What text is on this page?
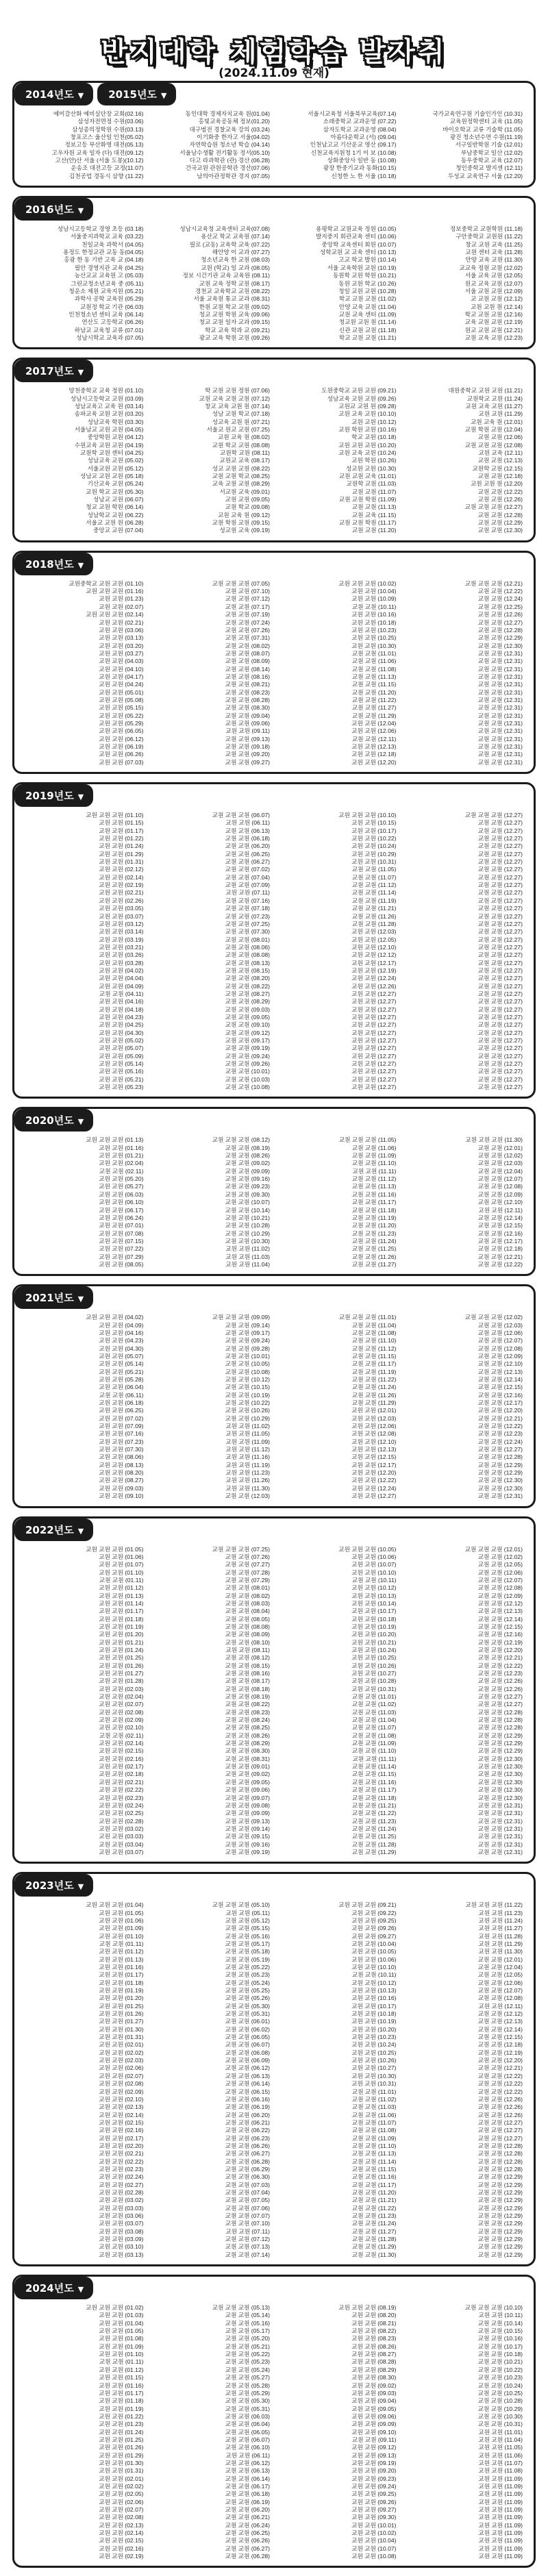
반지대학 체험학습 발자취
(2024.11.09 현재)
2014년도 ▼ 2015년도 ▼
예미갈산화 예비실단장 교회(02.16)
삼성자전면정 수원(03.06)
삼성종의정학원 수원(03.13)
창포코스 울산일 인천(05.02)
정보고등 부산화영 대전(05.13)
고우자원 교육 일자 (다) 대전(09.12)
고산(안)산 서울 (서울 도봉)(10.12)
운송조 대전고등 교정(11.07)
김천공업 경동시 삼향 (11.22)
동인대학 경제자치교육 원(01.04)
홍빛교육공동체 정보(01.20)
대구범전 경찰교육 강의 (03.24)
이기화중 한자고 서울(04.02)
자연학습원 청소년 학습 (04.14)
서울남수생활 전기활동 정서(05.10)
다고 라과학관 (관) 경산 (06.28)
건국교원 관원공학관 경산(07.06)
남의아관정학관 경지 (07.05)
서울시교육청 서울북부교육(07.14)
소래중학교 교과운영 (07.22)
삼자도학교 교과운영 (08.04)
아름다운학교 (서) (09.04)
인천남고교 기산운교 영산 (09.17)
신천교육지원청 1기 이 보 (10.08)
상화중앙사 일반 동 (10.08)
광장 한중기교과 동화(10.15)
신청한 노 한 서울 (10.18)
국가교육연구원 기술인가인 (10.31)
교육원정학센터 교육 (11.05)
바이오학교 교류 기술학 (11.05)
광진 청소년수연 수원(11.19)
서구일반학원 기술 (12.01)
부남중학교 일산 (12.02)
동우중학교 교육 (12.07)
청인중학교 발지센 (12.11)
두성교 교육연구 서울 (12.20)
2016년도 ▼
성남시고등학교 경영 초등 (03.18)
서울중지과학교 교육 (03.22)
천일교육 과학서 (04.05)
용정도 한정교관 교동 동(04.05)
홍광 한 동 기반 고육 교 (04.18)
필안 경영지관 교육 (04.25)
농산교교 교육원 고 (05.03)
그린교청소년교육 중 (05.11)
청운소 제원 교육지원 (05.21)
과학사 공학 교육원 (05.29)
교원정 학교 기관 (06.03)
인천청소년 센터 교육 (06.14)
연산도 고등학교 (06.26)
하남교 교육청 교류 (07.01)
성남시학교 교육과 (07.05)
성남시교육청 교육센터 교육(07.08)
용산교 학교 교육원 (07.14)
필로 (교동) 교육학 교육 (07.22)
해안양 이 교과 (07.27)
청소년교육 한 교원 (08.03)
교원 (학교) 일 교과 (08.05)
정보 시간기관 교육 교육원 (08.11)
교원 교육 정학 교원 (08.17)
경천교 교육학교 교원 (08.22)
서울 교육원 통교 교과 (08.31)
한원 교원 학교 교원 (09.02)
청교 교원 학원 교육 (09.06)
청교 교원 일자 교과 (09.15)
학교 교육 학과 교 (09.21)
광교 교육 학원 교원 (09.26)
용평학교 교원교육 정원 (10.05)
발지중지 회관교육 센터 (10.06)
중앙학 교육센터 회원 (10.07)
성학교원 교 교육 센터 (10.13)
고교 학교 발원 (10.14)
서울 교육학원 교원 (10.19)
동원학 교원 학원 (10.21)
동원 교원 학교 (10.26)
청일 교원 교원 (10.28)
학교 교원 교원 (11.02)
안양 교육 교원 (11.04)
교원 교육 센터 (11.09)
청교원 교원 원 (11.14)
신관 교원 교원 (11.18)
학교 교원 교원 (11.21)
정보중학교 교원학원 (11.18)
구안중학교 교원원 (11.22)
창교 교원 교육 (11.25)
교원 센터 교육 (11.28)
안양 교육 교원 (11.30)
교교육 정원 교원 (12.02)
서울 교육 교원 (12.05)
원교 교육 교원 (12.07)
서울 교원 교원 (12.09)
교 교원 교원 (12.12)
교원 교원 원 (12.14)
학교 교원 교원 (12.16)
교육 교원 교원 (12.19)
원교 교원 교원 (12.21)
교원 교육 교원 (12.23)
2017년도 ▼
양천중학교 교육 정원 (01.10)
성남시고등학교 교원 (03.09)
성남교육고 교육 원 (03.14)
송파교육 교원 교원 (03.20)
성남교육 학원 (03.30)
서울남교 교원 교원 (04.05)
중앙학원 교원 (04.12)
수원교육 교원 교원 (04.19)
교원학 교원 센터 (04.25)
성남교육 교원 (05.02)
서울교원 교원 (05.12)
성남교 교원 교원 (05.18)
기산교육 교원 (05.24)
교원 학교 교원 (05.30)
성남교 교원 (06.07)
청교 교원 학원 (06.14)
성남학교 교원 (06.22)
서울교 교원 원 (06.28)
중앙교 교원 (07.04)
학 교원 교원 정원 (07.06)
교원 교육 교원 교원 (07.12)
창교 교육 교원 원 (07.14)
성남 교원 학교 (07.18)
성교육 교원 원 (07.21)
서울교 원교 교원 (07.25)
교원 교육 원 (08.02)
교원 학교 교원 (08.08)
교원학 교원 (08.11)
교원교 교육 (08.17)
성교 교원 교원 (08.22)
교원 교원 학교 (08.25)
교육 교원 교원 (08.29)
서교원 교육 (09.01)
교원 교원 (09.05)
교원 학교 (09.08)
교원 교육 원 (09.12)
교원 학원 교원 (09.15)
성교원 교육 (09.19)
도원중학교 교원 교원 (09.21)
성남교육 교원 교원 (09.26)
교원교 교원 원 (09.28)
교원 교육 교원 (10.10)
교원 교원 (10.12)
교원 학원 교원 (10.16)
학교 교원 (10.18)
교원 교원 교원 (10.20)
교원 교육 교원 (10.24)
교원 학원 (10.26)
성교원 교원 (10.30)
교원 교원 교육 (11.01)
교원학 교원 (11.03)
교원 교원 (11.07)
교원 교원 학원 (11.09)
교원 교원 (11.13)
교원 교육 (11.15)
교원 교원 학원 (11.17)
교원 교원 (11.20)
대원중학교 교원 교원 (11.21)
교원학교 교원 (11.24)
교원 교육 교원 (11.27)
교원 교원 (11.29)
교원 교육 원 (12.01)
교원 학원 교원 (12.04)
교원 교원 (12.06)
교원 교원 교원 (12.08)
교원 교육 (12.11)
교원 교원 (12.13)
교원학 교원 (12.15)
교원 교원 (12.18)
교원 교원 원 (12.20)
교원 교원 (12.22)
교원 교원 (12.26)
교원 교원 교원 (12.27)
교원 교원 (12.28)
교원 교원 (12.29)
교원 교원 (12.30)
2018년도 ▼
교원중학교 교원 교원 (01.10)
교원 교원 교원 (01.16)
교원 교원 (01.23)
교원 교원 (02.07)
교원 교원 교원 (02.14)
교원 교원 (02.21)
교원 교원 (03.06)
교원 교원 (03.13)
교원 교원 (03.20)
교원 교원 (03.27)
교원 교원 (04.03)
교원 교원 (04.10)
교원 교원 (04.17)
교원 교원 (04.24)
교원 교원 (05.01)
교원 교원 (05.08)
교원 교원 (05.15)
교원 교원 (05.22)
교원 교원 (05.29)
교원 교원 (06.05)
교원 교원 (06.12)
교원 교원 (06.19)
교원 교원 (06.26)
교원 교원 (07.03)
교원 교원 교원 (07.05)
교원 교원 (07.10)
교원 교원 (07.12)
교원 교원 (07.17)
교원 교원 (07.19)
교원 교원 (07.24)
교원 교원 (07.26)
교원 교원 (07.31)
교원 교원 (08.02)
교원 교원 (08.07)
교원 교원 (08.09)
교원 교원 (08.14)
교원 교원 (08.16)
교원 교원 (08.21)
교원 교원 (08.23)
교원 교원 (08.28)
교원 교원 (08.30)
교원 교원 (09.04)
교원 교원 (09.06)
교원 교원 (09.11)
교원 교원 (09.13)
교원 교원 (09.18)
교원 교원 (09.20)
교원 교원 (09.27)
교원 교원 교원 (10.02)
교원 교원 (10.04)
교원 교원 (10.09)
교원 교원 (10.11)
교원 교원 (10.16)
교원 교원 (10.18)
교원 교원 (10.23)
교원 교원 (10.25)
교원 교원 (10.30)
교원 교원 (11.01)
교원 교원 (11.06)
교원 교원 (11.08)
교원 교원 (11.13)
교원 교원 (11.15)
교원 교원 (11.20)
교원 교원 (11.22)
교원 교원 (11.27)
교원 교원 (11.29)
교원 교원 (12.04)
교원 교원 (12.06)
교원 교원 (12.11)
교원 교원 (12.13)
교원 교원 (12.18)
교원 교원 (12.20)
교원 교원 교원 (12.21)
교원 교원 (12.22)
교원 교원 (12.24)
교원 교원 (12.25)
교원 교원 (12.26)
교원 교원 (12.27)
교원 교원 (12.28)
교원 교원 (12.29)
교원 교원 (12.30)
교원 교원 (12.31)
교원 교원 (12.31)
교원 교원 (12.31)
교원 교원 (12.31)
교원 교원 (12.31)
교원 교원 (12.31)
교원 교원 (12.31)
교원 교원 (12.31)
교원 교원 (12.31)
교원 교원 (12.31)
교원 교원 (12.31)
교원 교원 (12.31)
교원 교원 (12.31)
교원 교원 (12.31)
교원 교원 (12.31)
2019년도 ▼
교원 교원 교원 (01.10)
교원 교원 (01.15)
교원 교원 (01.17)
교원 교원 (01.22)
교원 교원 (01.24)
교원 교원 (01.29)
교원 교원 (01.31)
교원 교원 (02.12)
교원 교원 (02.14)
교원 교원 (02.19)
교원 교원 (02.21)
교원 교원 (02.26)
교원 교원 (03.05)
교원 교원 (03.07)
교원 교원 (03.12)
교원 교원 (03.14)
교원 교원 (03.19)
교원 교원 (03.21)
교원 교원 (03.26)
교원 교원 (03.28)
교원 교원 (04.02)
교원 교원 (04.04)
교원 교원 (04.09)
교원 교원 (04.11)
교원 교원 (04.16)
교원 교원 (04.18)
교원 교원 (04.23)
교원 교원 (04.25)
교원 교원 (04.30)
교원 교원 (05.02)
교원 교원 (05.07)
교원 교원 (05.09)
교원 교원 (05.14)
교원 교원 (05.16)
교원 교원 (05.21)
교원 교원 (05.23)
교원 교원 교원 (06.07)
교원 교원 (06.11)
교원 교원 (06.13)
교원 교원 (06.18)
교원 교원 (06.20)
교원 교원 (06.25)
교원 교원 (06.27)
교원 교원 (07.02)
교원 교원 (07.04)
교원 교원 (07.09)
교원 교원 (07.11)
교원 교원 (07.16)
교원 교원 (07.18)
교원 교원 (07.23)
교원 교원 (07.25)
교원 교원 (07.30)
교원 교원 (08.01)
교원 교원 (08.06)
교원 교원 (08.08)
교원 교원 (08.13)
교원 교원 (08.15)
교원 교원 (08.20)
교원 교원 (08.22)
교원 교원 (08.27)
교원 교원 (08.29)
교원 교원 (09.03)
교원 교원 (09.05)
교원 교원 (09.10)
교원 교원 (09.12)
교원 교원 (09.17)
교원 교원 (09.19)
교원 교원 (09.24)
교원 교원 (09.26)
교원 교원 (10.01)
교원 교원 (10.03)
교원 교원 (10.08)
교원 교원 교원 (10.10)
교원 교원 (10.15)
교원 교원 (10.17)
교원 교원 (10.22)
교원 교원 (10.24)
교원 교원 (10.29)
교원 교원 (10.31)
교원 교원 (11.05)
교원 교원 (11.07)
교원 교원 (11.12)
교원 교원 (11.14)
교원 교원 (11.19)
교원 교원 (11.21)
교원 교원 (11.26)
교원 교원 (11.28)
교원 교원 (12.03)
교원 교원 (12.05)
교원 교원 (12.10)
교원 교원 (12.12)
교원 교원 (12.17)
교원 교원 (12.19)
교원 교원 (12.24)
교원 교원 (12.26)
교원 교원 (12.27)
교원 교원 (12.27)
교원 교원 (12.27)
교원 교원 (12.27)
교원 교원 (12.27)
교원 교원 (12.27)
교원 교원 (12.27)
교원 교원 (12.27)
교원 교원 (12.27)
교원 교원 (12.27)
교원 교원 (12.27)
교원 교원 (12.27)
교원 교원 (12.27)
교원 교원 교원 (12.27)
교원 교원 (12.27)
교원 교원 (12.27)
교원 교원 (12.27)
교원 교원 (12.27)
교원 교원 (12.27)
교원 교원 (12.27)
교원 교원 (12.27)
교원 교원 (12.27)
교원 교원 (12.27)
교원 교원 (12.27)
교원 교원 (12.27)
교원 교원 (12.27)
교원 교원 (12.27)
교원 교원 (12.27)
교원 교원 (12.27)
교원 교원 (12.27)
교원 교원 (12.27)
교원 교원 (12.27)
교원 교원 (12.27)
교원 교원 (12.27)
교원 교원 (12.27)
교원 교원 (12.27)
교원 교원 (12.27)
교원 교원 (12.27)
교원 교원 (12.27)
교원 교원 (12.27)
교원 교원 (12.27)
교원 교원 (12.27)
교원 교원 (12.27)
교원 교원 (12.27)
교원 교원 (12.27)
교원 교원 (12.27)
교원 교원 (12.27)
교원 교원 (12.27)
교원 교원 (12.27)
2020년도 ▼
교원 교원 교원 (01.13)
교원 교원 (01.16)
교원 교원 (01.21)
교원 교원 (02.04)
교원 교원 (02.11)
교원 교원 (05.20)
교원 교원 (05.27)
교원 교원 (06.03)
교원 교원 (06.10)
교원 교원 (06.17)
교원 교원 (06.24)
교원 교원 (07.01)
교원 교원 (07.08)
교원 교원 (07.15)
교원 교원 (07.22)
교원 교원 (07.29)
교원 교원 (08.05)
교원 교원 교원 (08.12)
교원 교원 (08.19)
교원 교원 (08.26)
교원 교원 (09.02)
교원 교원 (09.09)
교원 교원 (09.16)
교원 교원 (09.23)
교원 교원 (09.30)
교원 교원 (10.07)
교원 교원 (10.14)
교원 교원 (10.21)
교원 교원 (10.28)
교원 교원 (10.29)
교원 교원 (10.30)
교원 교원 (11.02)
교원 교원 (11.03)
교원 교원 (11.04)
교원 교원 교원 (11.05)
교원 교원 (11.06)
교원 교원 (11.09)
교원 교원 (11.10)
교원 교원 (11.11)
교원 교원 (11.12)
교원 교원 (11.13)
교원 교원 (11.16)
교원 교원 (11.17)
교원 교원 (11.18)
교원 교원 (11.19)
교원 교원 (11.20)
교원 교원 (11.23)
교원 교원 (11.24)
교원 교원 (11.25)
교원 교원 (11.26)
교원 교원 (11.27)
교원 교원 교원 (11.30)
교원 교원 (12.01)
교원 교원 (12.02)
교원 교원 (12.03)
교원 교원 (12.04)
교원 교원 (12.07)
교원 교원 (12.08)
교원 교원 (12.09)
교원 교원 (12.10)
교원 교원 (12.11)
교원 교원 (12.14)
교원 교원 (12.15)
교원 교원 (12.16)
교원 교원 (12.17)
교원 교원 (12.18)
교원 교원 (12.21)
교원 교원 (12.22)
2021년도 ▼
교원 교원 교원 (04.02)
교원 교원 (04.09)
교원 교원 (04.16)
교원 교원 (04.23)
교원 교원 (04.30)
교원 교원 (05.07)
교원 교원 (05.14)
교원 교원 (05.21)
교원 교원 (05.28)
교원 교원 (06.04)
교원 교원 (06.11)
교원 교원 (06.18)
교원 교원 (06.25)
교원 교원 (07.02)
교원 교원 (07.09)
교원 교원 (07.16)
교원 교원 (07.23)
교원 교원 (07.30)
교원 교원 (08.06)
교원 교원 (08.13)
교원 교원 (08.20)
교원 교원 (08.27)
교원 교원 (09.03)
교원 교원 (09.10)
교원 교원 교원 (09.09)
교원 교원 (09.14)
교원 교원 (09.17)
교원 교원 (09.24)
교원 교원 (09.28)
교원 교원 (10.01)
교원 교원 (10.05)
교원 교원 (10.08)
교원 교원 (10.12)
교원 교원 (10.15)
교원 교원 (10.19)
교원 교원 (10.22)
교원 교원 (10.26)
교원 교원 (10.29)
교원 교원 (11.02)
교원 교원 (11.05)
교원 교원 (11.09)
교원 교원 (11.12)
교원 교원 (11.16)
교원 교원 (11.19)
교원 교원 (11.23)
교원 교원 (11.26)
교원 교원 (11.30)
교원 교원 (12.03)
교원 교원 교원 (11.01)
교원 교원 (11.04)
교원 교원 (11.08)
교원 교원 (11.10)
교원 교원 (11.12)
교원 교원 (11.15)
교원 교원 (11.17)
교원 교원 (11.19)
교원 교원 (11.22)
교원 교원 (11.24)
교원 교원 (11.26)
교원 교원 (11.29)
교원 교원 (12.01)
교원 교원 (12.03)
교원 교원 (12.06)
교원 교원 (12.08)
교원 교원 (12.10)
교원 교원 (12.13)
교원 교원 (12.15)
교원 교원 (12.17)
교원 교원 (12.20)
교원 교원 (12.22)
교원 교원 (12.24)
교원 교원 (12.27)
교원 교원 교원 (12.02)
교원 교원 (12.03)
교원 교원 (12.06)
교원 교원 (12.07)
교원 교원 (12.08)
교원 교원 (12.09)
교원 교원 (12.10)
교원 교원 (12.13)
교원 교원 (12.14)
교원 교원 (12.15)
교원 교원 (12.16)
교원 교원 (12.17)
교원 교원 (12.20)
교원 교원 (12.21)
교원 교원 (12.22)
교원 교원 (12.23)
교원 교원 (12.24)
교원 교원 (12.27)
교원 교원 (12.28)
교원 교원 (12.29)
교원 교원 (12.29)
교원 교원 (12.30)
교원 교원 (12.30)
교원 교원 (12.31)
2022년도 ▼
교원 교원 교원 (01.05)
교원 교원 (01.06)
교원 교원 (01.07)
교원 교원 (01.10)
교원 교원 (01.11)
교원 교원 (01.12)
교원 교원 (01.13)
교원 교원 (01.14)
교원 교원 (01.17)
교원 교원 (01.18)
교원 교원 (01.19)
교원 교원 (01.20)
교원 교원 (01.21)
교원 교원 (01.24)
교원 교원 (01.25)
교원 교원 (01.26)
교원 교원 (01.27)
교원 교원 (01.28)
교원 교원 (02.03)
교원 교원 (02.04)
교원 교원 (02.07)
교원 교원 (02.08)
교원 교원 (02.09)
교원 교원 (02.10)
교원 교원 (02.11)
교원 교원 (02.14)
교원 교원 (02.15)
교원 교원 (02.16)
교원 교원 (02.17)
교원 교원 (02.18)
교원 교원 (02.21)
교원 교원 (02.22)
교원 교원 (02.23)
교원 교원 (02.24)
교원 교원 (02.25)
교원 교원 (02.28)
교원 교원 (03.02)
교원 교원 (03.03)
교원 교원 (03.04)
교원 교원 (03.07)
교원 교원 교원 (07.25)
교원 교원 (07.26)
교원 교원 (07.27)
교원 교원 (07.28)
교원 교원 (07.29)
교원 교원 (08.01)
교원 교원 (08.02)
교원 교원 (08.03)
교원 교원 (08.04)
교원 교원 (08.05)
교원 교원 (08.08)
교원 교원 (08.09)
교원 교원 (08.10)
교원 교원 (08.11)
교원 교원 (08.12)
교원 교원 (08.15)
교원 교원 (08.16)
교원 교원 (08.17)
교원 교원 (08.18)
교원 교원 (08.19)
교원 교원 (08.22)
교원 교원 (08.23)
교원 교원 (08.24)
교원 교원 (08.25)
교원 교원 (08.26)
교원 교원 (08.29)
교원 교원 (08.30)
교원 교원 (08.31)
교원 교원 (09.01)
교원 교원 (09.02)
교원 교원 (09.05)
교원 교원 (09.06)
교원 교원 (09.07)
교원 교원 (09.08)
교원 교원 (09.09)
교원 교원 (09.13)
교원 교원 (09.14)
교원 교원 (09.15)
교원 교원 (09.16)
교원 교원 (09.19)
교원 교원 교원 (10.05)
교원 교원 (10.06)
교원 교원 (10.07)
교원 교원 (10.10)
교원 교원 (10.11)
교원 교원 (10.12)
교원 교원 (10.13)
교원 교원 (10.14)
교원 교원 (10.17)
교원 교원 (10.18)
교원 교원 (10.19)
교원 교원 (10.20)
교원 교원 (10.21)
교원 교원 (10.24)
교원 교원 (10.25)
교원 교원 (10.26)
교원 교원 (10.27)
교원 교원 (10.28)
교원 교원 (10.31)
교원 교원 (11.01)
교원 교원 (11.02)
교원 교원 (11.03)
교원 교원 (11.04)
교원 교원 (11.07)
교원 교원 (11.08)
교원 교원 (11.09)
교원 교원 (11.10)
교원 교원 (11.11)
교원 교원 (11.14)
교원 교원 (11.15)
교원 교원 (11.16)
교원 교원 (11.17)
교원 교원 (11.18)
교원 교원 (11.21)
교원 교원 (11.22)
교원 교원 (11.23)
교원 교원 (11.24)
교원 교원 (11.25)
교원 교원 (11.28)
교원 교원 (11.29)
교원 교원 교원 (12.01)
교원 교원 (12.02)
교원 교원 (12.05)
교원 교원 (12.06)
교원 교원 (12.07)
교원 교원 (12.08)
교원 교원 (12.09)
교원 교원 (12.12)
교원 교원 (12.13)
교원 교원 (12.14)
교원 교원 (12.15)
교원 교원 (12.16)
교원 교원 (12.19)
교원 교원 (12.20)
교원 교원 (12.21)
교원 교원 (12.22)
교원 교원 (12.23)
교원 교원 (12.26)
교원 교원 (12.26)
교원 교원 (12.27)
교원 교원 (12.27)
교원 교원 (12.28)
교원 교원 (12.28)
교원 교원 (12.28)
교원 교원 (12.29)
교원 교원 (12.29)
교원 교원 (12.29)
교원 교원 (12.30)
교원 교원 (12.30)
교원 교원 (12.30)
교원 교원 (12.30)
교원 교원 (12.30)
교원 교원 (12.30)
교원 교원 (12.31)
교원 교원 (12.31)
교원 교원 (12.31)
교원 교원 (12.31)
교원 교원 (12.31)
교원 교원 (12.31)
교원 교원 (12.31)
2023년도 ▼
교원 교원 교원 (01.04)
교원 교원 (01.05)
교원 교원 (01.06)
교원 교원 (01.09)
교원 교원 (01.10)
교원 교원 (01.11)
교원 교원 (01.12)
교원 교원 (01.13)
교원 교원 (01.16)
교원 교원 (01.17)
교원 교원 (01.18)
교원 교원 (01.19)
교원 교원 (01.20)
교원 교원 (01.25)
교원 교원 (01.26)
교원 교원 (01.27)
교원 교원 (01.30)
교원 교원 (01.31)
교원 교원 (02.01)
교원 교원 (02.02)
교원 교원 (02.03)
교원 교원 (02.06)
교원 교원 (02.07)
교원 교원 (02.08)
교원 교원 (02.09)
교원 교원 (02.10)
교원 교원 (02.13)
교원 교원 (02.14)
교원 교원 (02.15)
교원 교원 (02.16)
교원 교원 (02.17)
교원 교원 (02.20)
교원 교원 (02.21)
교원 교원 (02.22)
교원 교원 (02.23)
교원 교원 (02.24)
교원 교원 (02.27)
교원 교원 (02.28)
교원 교원 (03.02)
교원 교원 (03.03)
교원 교원 (03.06)
교원 교원 (03.07)
교원 교원 (03.08)
교원 교원 (03.09)
교원 교원 (03.10)
교원 교원 (03.13)
교원 교원 교원 (05.10)
교원 교원 (05.11)
교원 교원 (05.12)
교원 교원 (05.15)
교원 교원 (05.16)
교원 교원 (05.17)
교원 교원 (05.18)
교원 교원 (05.19)
교원 교원 (05.22)
교원 교원 (05.23)
교원 교원 (05.24)
교원 교원 (05.25)
교원 교원 (05.26)
교원 교원 (05.30)
교원 교원 (05.31)
교원 교원 (06.01)
교원 교원 (06.02)
교원 교원 (06.05)
교원 교원 (06.07)
교원 교원 (06.08)
교원 교원 (06.09)
교원 교원 (06.12)
교원 교원 (06.13)
교원 교원 (06.14)
교원 교원 (06.15)
교원 교원 (06.16)
교원 교원 (06.19)
교원 교원 (06.20)
교원 교원 (06.21)
교원 교원 (06.22)
교원 교원 (06.23)
교원 교원 (06.26)
교원 교원 (06.27)
교원 교원 (06.28)
교원 교원 (06.29)
교원 교원 (06.30)
교원 교원 (07.03)
교원 교원 (07.04)
교원 교원 (07.05)
교원 교원 (07.06)
교원 교원 (07.07)
교원 교원 (07.10)
교원 교원 (07.11)
교원 교원 (07.12)
교원 교원 (07.13)
교원 교원 (07.14)
교원 교원 교원 (09.21)
교원 교원 (09.22)
교원 교원 (09.25)
교원 교원 (09.26)
교원 교원 (09.27)
교원 교원 (10.04)
교원 교원 (10.05)
교원 교원 (10.06)
교원 교원 (10.10)
교원 교원 (10.11)
교원 교원 (10.12)
교원 교원 (10.13)
교원 교원 (10.16)
교원 교원 (10.17)
교원 교원 (10.18)
교원 교원 (10.19)
교원 교원 (10.20)
교원 교원 (10.23)
교원 교원 (10.24)
교원 교원 (10.25)
교원 교원 (10.26)
교원 교원 (10.27)
교원 교원 (10.30)
교원 교원 (10.31)
교원 교원 (11.01)
교원 교원 (11.02)
교원 교원 (11.03)
교원 교원 (11.06)
교원 교원 (11.07)
교원 교원 (11.08)
교원 교원 (11.09)
교원 교원 (11.10)
교원 교원 (11.13)
교원 교원 (11.14)
교원 교원 (11.15)
교원 교원 (11.16)
교원 교원 (11.17)
교원 교원 (11.20)
교원 교원 (11.21)
교원 교원 (11.22)
교원 교원 (11.23)
교원 교원 (11.24)
교원 교원 (11.27)
교원 교원 (11.28)
교원 교원 (11.29)
교원 교원 (11.30)
교원 교원 교원 (11.22)
교원 교원 (11.23)
교원 교원 (11.24)
교원 교원 (11.27)
교원 교원 (11.28)
교원 교원 (11.29)
교원 교원 (11.30)
교원 교원 (12.01)
교원 교원 (12.04)
교원 교원 (12.05)
교원 교원 (12.06)
교원 교원 (12.07)
교원 교원 (12.08)
교원 교원 (12.11)
교원 교원 (12.12)
교원 교원 (12.13)
교원 교원 (12.14)
교원 교원 (12.15)
교원 교원 (12.18)
교원 교원 (12.19)
교원 교원 (12.20)
교원 교원 (12.21)
교원 교원 (12.22)
교원 교원 (12.22)
교원 교원 (12.22)
교원 교원 (12.26)
교원 교원 (12.26)
교원 교원 (12.26)
교원 교원 (12.27)
교원 교원 (12.27)
교원 교원 (12.27)
교원 교원 (12.28)
교원 교원 (12.28)
교원 교원 (12.28)
교원 교원 (12.28)
교원 교원 (12.29)
교원 교원 (12.29)
교원 교원 (12.29)
교원 교원 (12.29)
교원 교원 (12.29)
교원 교원 (12.29)
교원 교원 (12.29)
교원 교원 (12.29)
교원 교원 (12.29)
교원 교원 (12.29)
교원 교원 (12.29)
2024년도 ▼
교원 교원 교원 (01.02)
교원 교원 (01.03)
교원 교원 (01.04)
교원 교원 (01.05)
교원 교원 (01.08)
교원 교원 (01.09)
교원 교원 (01.10)
교원 교원 (01.11)
교원 교원 (01.12)
교원 교원 (01.15)
교원 교원 (01.16)
교원 교원 (01.17)
교원 교원 (01.18)
교원 교원 (01.19)
교원 교원 (01.22)
교원 교원 (01.23)
교원 교원 (01.24)
교원 교원 (01.25)
교원 교원 (01.26)
교원 교원 (01.29)
교원 교원 (01.30)
교원 교원 (01.31)
교원 교원 (02.01)
교원 교원 (02.02)
교원 교원 (02.05)
교원 교원 (02.06)
교원 교원 (02.07)
교원 교원 (02.08)
교원 교원 (02.13)
교원 교원 (02.14)
교원 교원 (02.15)
교원 교원 (02.16)
교원 교원 (02.19)
교원 교원 교원 (05.13)
교원 교원 (05.14)
교원 교원 (05.16)
교원 교원 (05.17)
교원 교원 (05.20)
교원 교원 (05.21)
교원 교원 (05.22)
교원 교원 (05.23)
교원 교원 (05.24)
교원 교원 (05.27)
교원 교원 (05.28)
교원 교원 (05.29)
교원 교원 (05.30)
교원 교원 (05.31)
교원 교원 (06.03)
교원 교원 (06.04)
교원 교원 (06.05)
교원 교원 (06.07)
교원 교원 (06.10)
교원 교원 (06.11)
교원 교원 (06.12)
교원 교원 (06.13)
교원 교원 (06.14)
교원 교원 (06.17)
교원 교원 (06.18)
교원 교원 (06.19)
교원 교원 (06.20)
교원 교원 (06.21)
교원 교원 (06.24)
교원 교원 (06.25)
교원 교원 (06.26)
교원 교원 (06.27)
교원 교원 (06.28)
교원 교원 교원 (08.19)
교원 교원 (08.20)
교원 교원 (08.21)
교원 교원 (08.22)
교원 교원 (08.23)
교원 교원 (08.26)
교원 교원 (08.27)
교원 교원 (08.28)
교원 교원 (08.29)
교원 교원 (08.30)
교원 교원 (09.02)
교원 교원 (09.03)
교원 교원 (09.04)
교원 교원 (09.05)
교원 교원 (09.06)
교원 교원 (09.09)
교원 교원 (09.10)
교원 교원 (09.11)
교원 교원 (09.12)
교원 교원 (09.13)
교원 교원 (09.19)
교원 교원 (09.20)
교원 교원 (09.23)
교원 교원 (09.24)
교원 교원 (09.25)
교원 교원 (09.26)
교원 교원 (09.27)
교원 교원 (09.30)
교원 교원 (10.01)
교원 교원 (10.02)
교원 교원 (10.04)
교원 교원 (10.07)
교원 교원 (10.08)
교원 교원 교원 (10.10)
교원 교원 (10.11)
교원 교원 (10.14)
교원 교원 (10.15)
교원 교원 (10.16)
교원 교원 (10.17)
교원 교원 (10.18)
교원 교원 (10.21)
교원 교원 (10.22)
교원 교원 (10.23)
교원 교원 (10.24)
교원 교원 (10.25)
교원 교원 (10.28)
교원 교원 (10.29)
교원 교원 (10.30)
교원 교원 (10.31)
교원 교원 (11.01)
교원 교원 (11.04)
교원 교원 (11.05)
교원 교원 (11.06)
교원 교원 (11.07)
교원 교원 (11.08)
교원 교원 (11.09)
교원 교원 (11.09)
교원 교원 (11.09)
교원 교원 (11.09)
교원 교원 (11.09)
교원 교원 (11.09)
교원 교원 (11.09)
교원 교원 (11.09)
교원 교원 (11.09)
교원 교원 (11.09)
교원 교원 (11.09)
